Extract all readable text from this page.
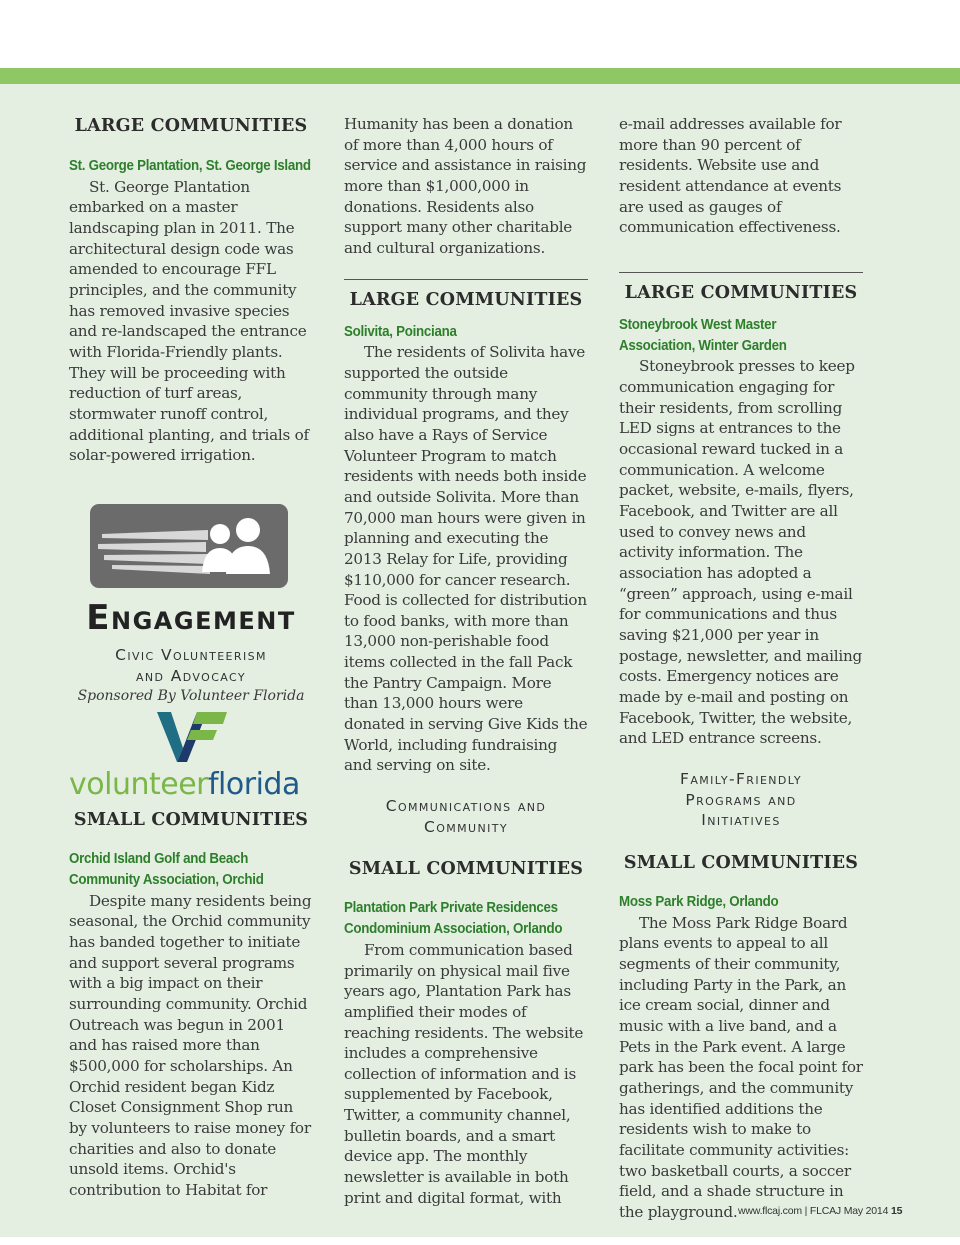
LARGE COMMUNITIES

St. George Plantation, St. George Island

St. George Plantation embarked on a master landscaping plan in 2011. The architectural design code was amended to encourage FFL principles, and the community has removed invasive species and re-landscaped the entrance with Florida-Friendly plants. They will be proceeding with reduction of turf areas, stormwater runoff control, additional planting, and trials of solar-powered irrigation.

Engagement

Civic Volunteerism

and Advocacy

Sponsored By Volunteer Florida

volunteerflorida

SMALL COMMUNITIES

Orchid Island Golf and Beach

Community Association, Orchid

Despite many residents being seasonal, the Orchid community has banded together to initiate and support several programs with a big impact on their surrounding community. Orchid Outreach was begun in 2001 and has raised more than $500,000 for scholarships. An Orchid resident began Kidz Closet Consignment Shop run by volunteers to raise money for charities and also to donate unsold items. Orchid's contribution to Habitat for

Humanity has been a donation of more than 4,000 hours of service and assistance in raising more than $1,000,000 in donations. Residents also support many other charitable and cultural organizations.

LARGE COMMUNITIES

Solivita, Poinciana

The residents of Solivita have supported the outside community through many individual programs, and they also have a Rays of Service Volunteer Program to match residents with needs both inside and outside Solivita. More than 70,000 man hours were given in planning and executing the 2013 Relay for Life, providing $110,000 for cancer research. Food is collected for distribution to food banks, with more than 13,000 non-perishable food items collected in the fall Pack the Pantry Campaign. More than 13,000 hours were donated in serving Give Kids the World, including fundraising and serving on site.

Communications and

Community

SMALL COMMUNITIES

Plantation Park Private Residences

Condominium Association, Orlando

From communication based primarily on physical mail five years ago, Plantation Park has amplified their modes of reaching residents. The website includes a comprehensive collection of information and is supplemented by Facebook, Twitter, a community channel, bulletin boards, and a smart device app. The monthly newsletter is available in both print and digital format, with

e-mail addresses available for more than 90 percent of residents. Website use and resident attendance at events are used as gauges of communication effectiveness.

LARGE COMMUNITIES

Stoneybrook West Master

Association, Winter Garden

Stoneybrook presses to keep communication engaging for their residents, from scrolling LED signs at entrances to the occasional reward tucked in a communication. A welcome packet, website, e-mails, flyers, Facebook, and Twitter are all used to convey news and activity information. The association has adopted a “green” approach, using e-mail for communications and thus saving $21,000 per year in postage, newsletter, and mailing costs. Emergency notices are made by e-mail and posting on Facebook, Twitter, the website, and LED entrance screens.

Family-Friendly

Programs and

Initiatives

SMALL COMMUNITIES

Moss Park Ridge, Orlando

The Moss Park Ridge Board plans events to appeal to all segments of their community, including Party in the Park, an ice cream social, dinner and music with a live band, and a Pets in the Park event. A large park has been the focal point for gatherings, and the community has identified additions the residents wish to make to facilitate community activities: two basketball courts, a soccer field, and a shade structure in the playground. www.flcaj.com | FLCAJ May 2014 15
